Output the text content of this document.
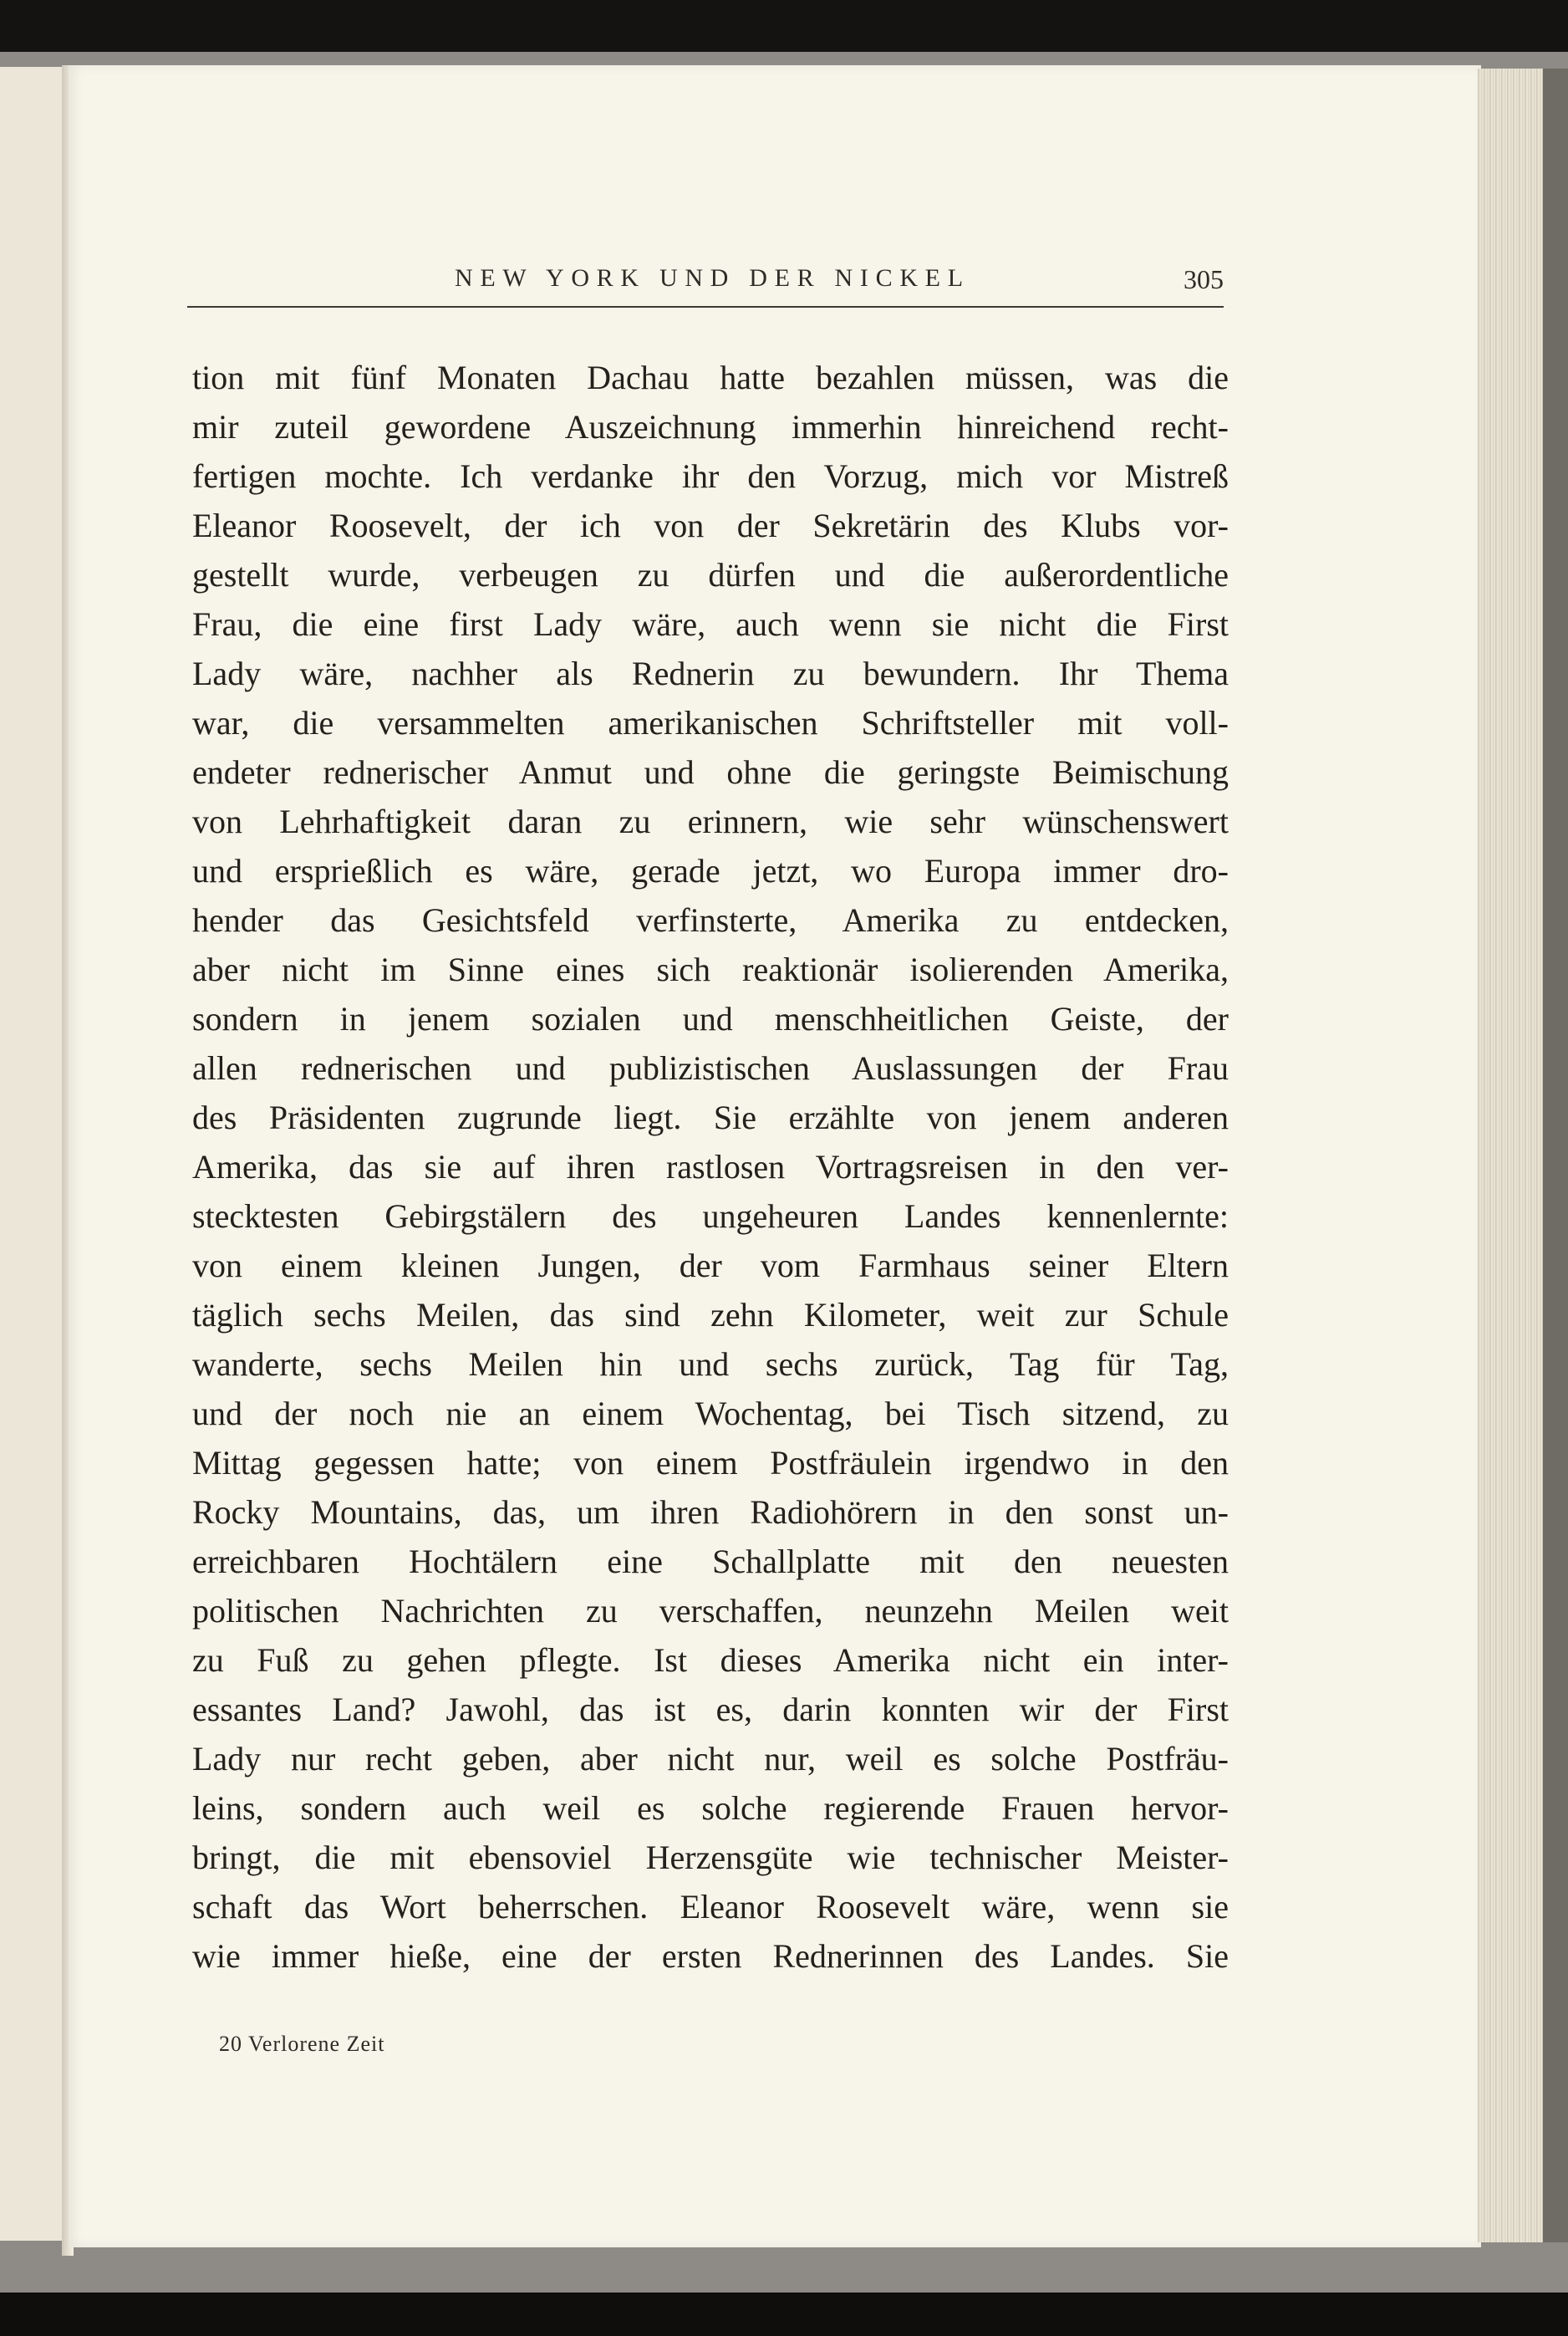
NEW YORK UND DER NICKEL	305
tion mit fünf Monaten Dachau hatte bezahlen müssen, was die
mir zuteil gewordene Auszeichnung immerhin hinreichend recht-
fertigen mochte. Ich verdanke ihr den Vorzug, mich vor Mistreß
Eleanor Roosevelt, der ich von der Sekretärin des Klubs vor-
gestellt wurde, verbeugen zu dürfen und die außerordentliche
Frau, die eine first Lady wäre, auch wenn sie nicht die First
Lady wäre, nachher als Rednerin zu bewundern. Ihr Thema
war, die versammelten amerikanischen Schriftsteller mit voll-
endeter rednerischer Anmut und ohne die geringste Beimischung
von Lehrhaftigkeit daran zu erinnern, wie sehr wünschenswert
und ersprießlich es wäre, gerade jetzt, wo Europa immer dro-
hender das Gesichtsfeld verfinsterte, Amerika zu entdecken,
aber nicht im Sinne eines sich reaktionär isolierenden Amerika,
sondern in jenem sozialen und menschheitlichen Geiste, der
allen rednerischen und publizistischen Auslassungen der Frau
des Präsidenten zugrunde liegt. Sie erzählte von jenem anderen
Amerika, das sie auf ihren rastlosen Vortragsreisen in den ver-
stecktesten Gebirgstälern des ungeheuren Landes kennenlernte:
von einem kleinen Jungen, der vom Farmhaus seiner Eltern
täglich sechs Meilen, das sind zehn Kilometer, weit zur Schule
wanderte, sechs Meilen hin und sechs zurück, Tag für Tag,
und der noch nie an einem Wochentag, bei Tisch sitzend, zu
Mittag gegessen hatte; von einem Postfräulein irgendwo in den
Rocky Mountains, das, um ihren Radiohörern in den sonst un-
erreichbaren Hochtälern eine Schallplatte mit den neuesten
politischen Nachrichten zu verschaffen, neunzehn Meilen weit
zu Fuß zu gehen pflegte. Ist dieses Amerika nicht ein inter-
essantes Land? Jawohl, das ist es, darin konnten wir der First
Lady nur recht geben, aber nicht nur, weil es solche Postfräu-
leins, sondern auch weil es solche regierende Frauen hervor-
bringt, die mit ebensoviel Herzensgüte wie technischer Meister-
schaft das Wort beherrschen. Eleanor Roosevelt wäre, wenn sie
wie immer hieße, eine der ersten Rednerinnen des Landes. Sie
20 Verlorene Zeit
